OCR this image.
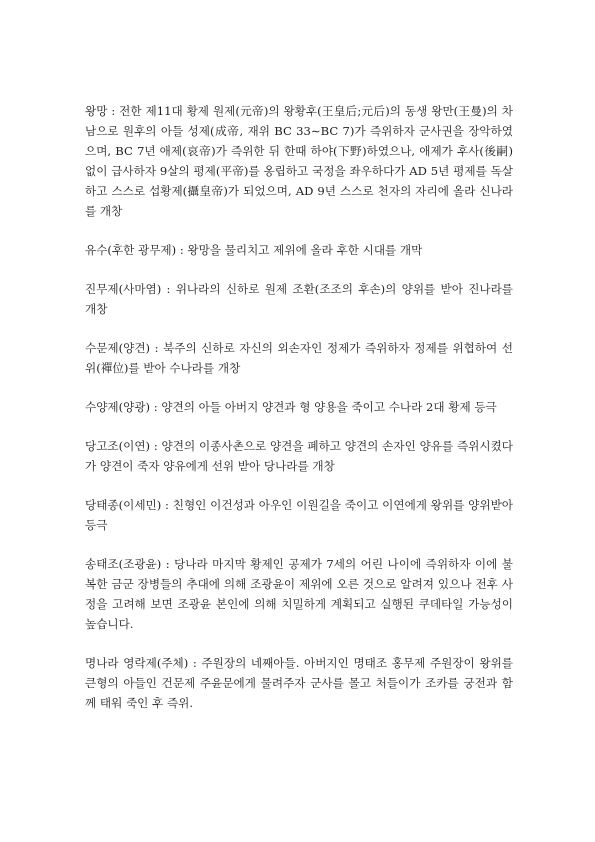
왕망 : 전한 제11대 황제 원제(元帝)의 왕황후(王皇后;元后)의 동생 왕만(王曼)의 차남으로 원후의 아들 성제(成帝, 재위 BC 33∼BC 7)가 즉위하자 군사권을 장악하였으며, BC 7년 애제(哀帝)가 즉위한 뒤 한때 하야(下野)하였으나, 애제가 후사(後嗣) 없이 급사하자 9살의 평제(平帝)를 옹립하고 국정을 좌우하다가 AD 5년 평제를 독살하고 스스로 섭황제(攝皇帝)가 되었으며, AD 9년 스스로 천자의 자리에 올라 신나라를 개창

유수(후한 광무제) : 왕망을 물리치고 제위에 올라 후한 시대를 개막

진무제(사마염) : 위나라의 신하로 원제 조환(조조의 후손)의 양위를 받아 진나라를 개창

수문제(양견) : 북주의 신하로 자신의 외손자인 정제가 즉위하자 정제를 위협하여 선위(禪位)를 받아 수나라를 개창

수양제(양광) : 양견의 아들 아버지 양견과 형 양용을 죽이고 수나라 2대 황제 등극

당고조(이연) : 양견의 이종사촌으로 양견을 폐하고 양견의 손자인 양유를 즉위시켰다가 양견이 죽자 양유에게 선위 받아 당나라를 개창

당태종(이세민) : 친형인 이건성과 아우인 이원길을 죽이고 이연에게 왕위를 양위받아 등극

송태조(조광윤) : 당나라 마지막 황제인 공제가 7세의 어린 나이에 즉위하자 이에 불복한 금군 장병들의 추대에 의해 조광윤이 제위에 오른 것으로 알려져 있으나 전후 사정을 고려해 보면 조광윤 본인에 의해 치밀하게 계획되고 실행된 쿠데타일 가능성이 높습니다.

명나라 영락제(주체) : 주원장의 네째아들. 아버지인 명태조 홍무제 주원장이 왕위를 큰형의 아들인 건문제 주윤문에게 물려주자 군사를 몰고 처들이가 조카를 궁전과 함께 태워 죽인 후 즉위.
